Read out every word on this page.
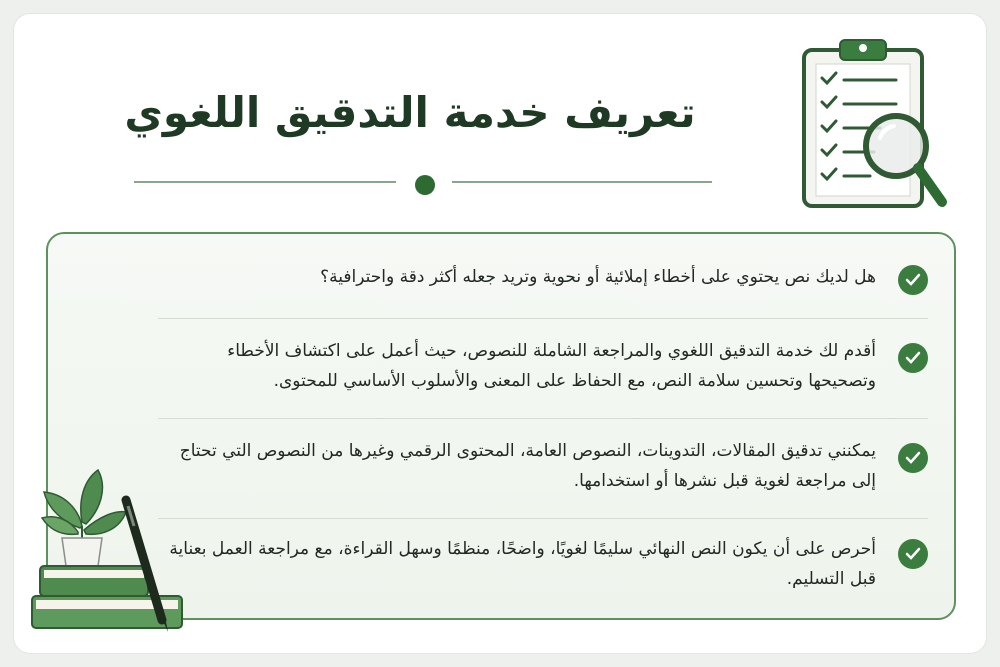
تعريف خدمة التدقيق اللغوي
هل لديك نص يحتوي على أخطاء إملائية أو نحوية وتريد جعله أكثر دقة واحترافية؟
أقدم لك خدمة التدقيق اللغوي والمراجعة الشاملة للنصوص، حيث أعمل على اكتشاف الأخطاء وتصحيحها وتحسين سلامة النص، مع الحفاظ على المعنى والأسلوب الأساسي للمحتوى.
يمكنني تدقيق المقالات، التدوينات، النصوص العامة، المحتوى الرقمي وغيرها من النصوص التي تحتاج إلى مراجعة لغوية قبل نشرها أو استخدامها.
أحرص على أن يكون النص النهائي سليمًا لغويًا، واضحًا، منظمًا وسهل القراءة، مع مراجعة العمل بعناية قبل التسليم.
